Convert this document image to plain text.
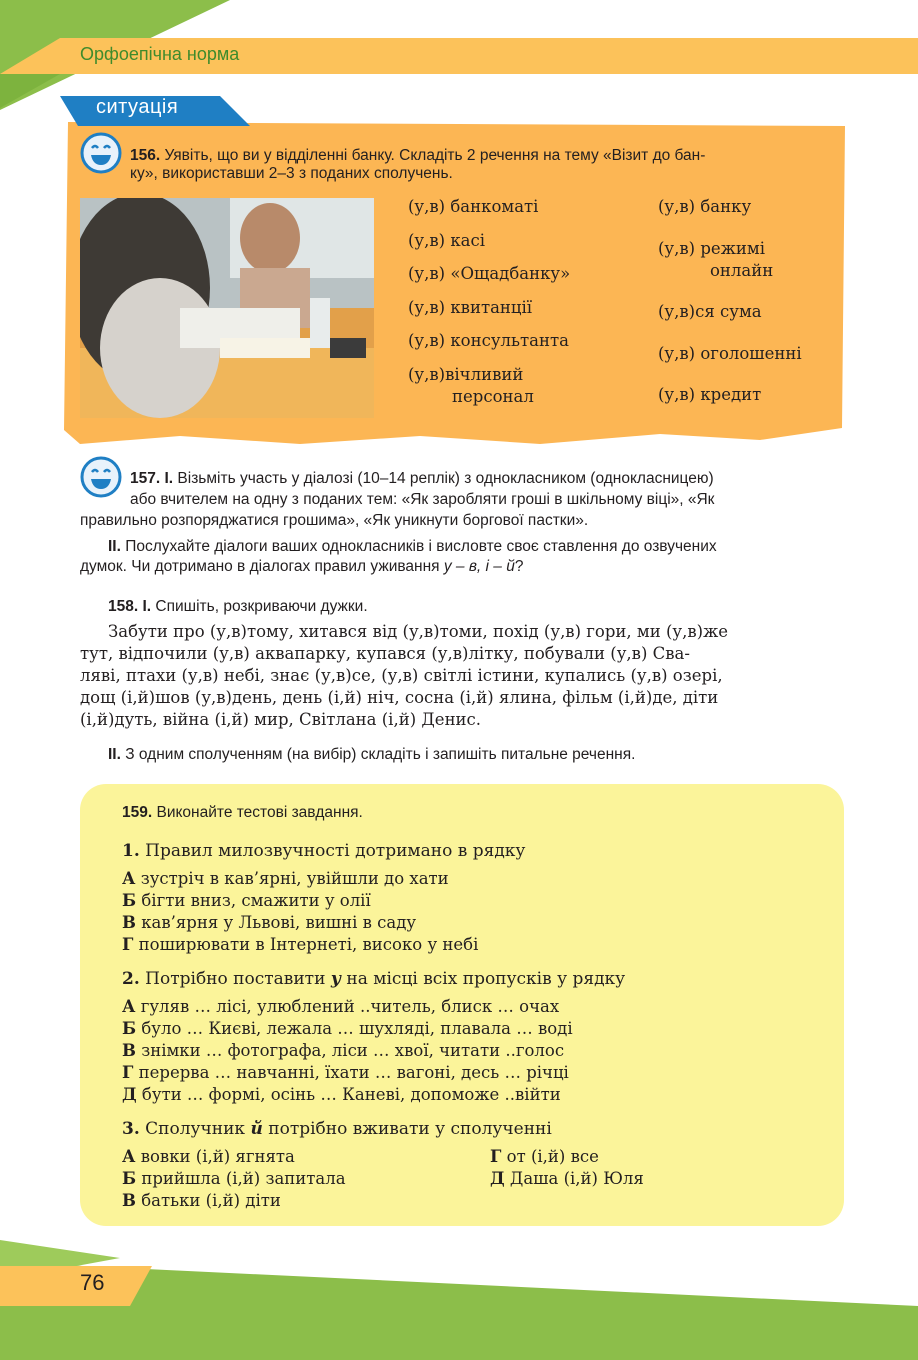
Орфоепічна норма
ситуація
156. Уявіть, що ви у відділенні банку. Складіть 2 речення на тему «Візит до бан-
ку», використавши 2–3 з поданих сполучень.
(у,в) банкоматі
(у,в) касі
(у,в) «Ощадбанку»
(у,в) квитанції
(у,в) консультанта
(у,в)вічливий
персонал
(у,в) банку
(у,в) режимі
онлайн
(у,в)ся сума
(у,в) оголошенні
(у,в) кредит
157. І. Візьміть участь у діалозі (10–14 реплік) з однокласником (однокласницею)
або вчителем на одну з поданих тем: «Як заробляти гроші в шкільному віці», «Як
правильно розпоряджатися грошима», «Як уникнути боргової пастки».
ІІ. Послухайте діалоги ваших однокласників і висловте своє ставлення до озвучених
думок. Чи дотримано в діалогах правил уживання у – в, і – й?
158. І. Спишіть, розкриваючи дужки.
Забути про (у,в)тому, хитався від (у,в)томи, похід (у,в) гори, ми (у,в)же
тут, відпочили (у,в) аквапарку, купався (у,в)літку, побували (у,в) Сва-
ляві, птахи (у,в) небі, знає (у,в)се, (у,в) світлі істини, купались (у,в) озері,
дощ (і,й)шов (у,в)день, день (і,й) ніч, сосна (і,й) ялина, фільм (і,й)де, діти
(і,й)дуть, війна (і,й) мир, Світлана (і,й) Денис.
ІІ. З одним сполученням (на вибір) складіть і запишіть питальне речення.
159. Виконайте тестові завдання.
1. Правил милозвучності дотримано в рядку
А зустріч в кав’ярні, увійшли до хати
Б бігти вниз, смажити у олії
В кав’ярня у Львові, вишні в саду
Г поширювати в Інтернеті, високо у небі
2. Потрібно поставити у на місці всіх пропусків у рядку
А гуляв … лісі, улюблений ..читель, блиск … очах
Б було … Києві, лежала … шухляді, плавала … воді
В знімки … фотографа, ліси … хвої, читати ..голос
Г перерва … навчанні, їхати … вагоні, десь … річці
Д бути … формі, осінь … Каневі, допоможе ..війти
3. Сполучник й потрібно вживати у сполученні
А вовки (і,й) ягнята
Б прийшла (і,й) запитала
В батьки (і,й) діти
Г от (і,й) все
Д Даша (і,й) Юля
76
